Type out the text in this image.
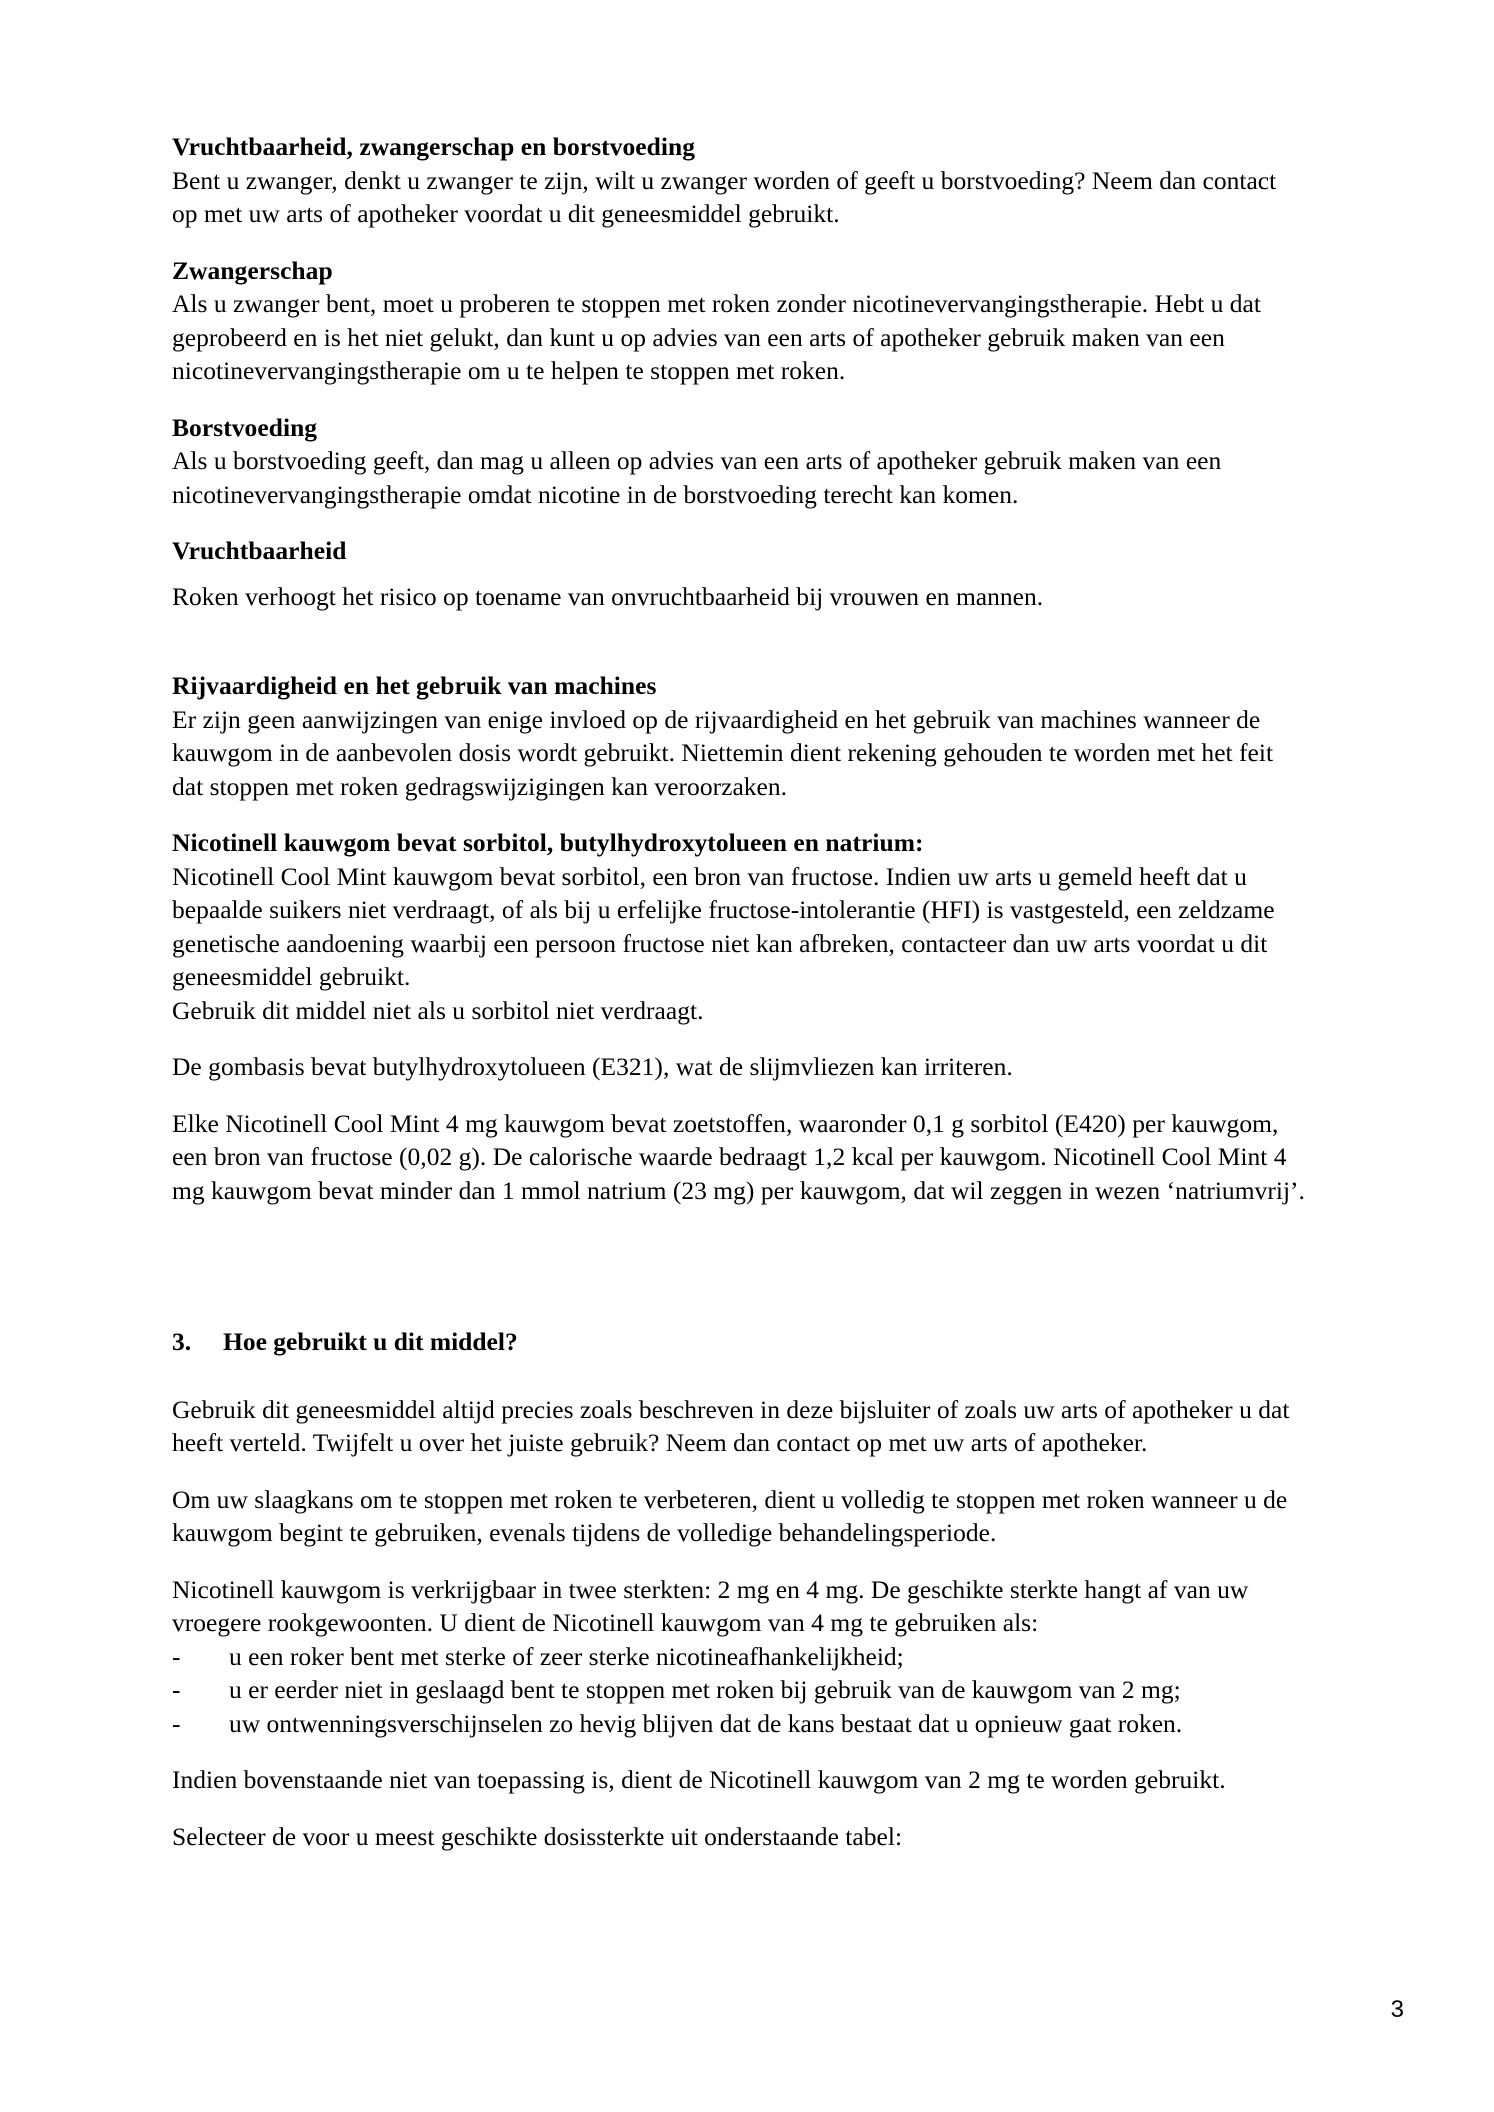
Vruchtbaarheid, zwangerschap en borstvoeding

Bent u zwanger, denkt u zwanger te zijn, wilt u zwanger worden of geeft u borstvoeding? Neem dan contact op met uw arts of apotheker voordat u dit geneesmiddel gebruikt.

Zwangerschap

Als u zwanger bent, moet u proberen te stoppen met roken zonder nicotinevervangingstherapie. Hebt u dat geprobeerd en is het niet gelukt, dan kunt u op advies van een arts of apotheker gebruik maken van een nicotinevervangingstherapie om u te helpen te stoppen met roken.

Borstvoeding

Als u borstvoeding geeft, dan mag u alleen op advies van een arts of apotheker gebruik maken van een nicotinevervangingstherapie omdat nicotine in de borstvoeding terecht kan komen.

Vruchtbaarheid

Roken verhoogt het risico op toename van onvruchtbaarheid bij vrouwen en mannen.

Rijvaardigheid en het gebruik van machines

Er zijn geen aanwijzingen van enige invloed op de rijvaardigheid en het gebruik van machines wanneer de kauwgom in de aanbevolen dosis wordt gebruikt. Niettemin dient rekening gehouden te worden met het feit dat stoppen met roken gedragswijzigingen kan veroorzaken.

Nicotinell kauwgom bevat sorbitol, butylhydroxytolueen en natrium:

Nicotinell Cool Mint kauwgom bevat sorbitol, een bron van fructose. Indien uw arts u gemeld heeft dat u bepaalde suikers niet verdraagt, of als bij u erfelijke fructose-intolerantie (HFI) is vastgesteld, een zeldzame genetische aandoening waarbij een persoon fructose niet kan afbreken, contacteer dan uw arts voordat u dit geneesmiddel gebruikt.

Gebruik dit middel niet als u sorbitol niet verdraagt.

De gombasis bevat butylhydroxytolueen (E321), wat de slijmvliezen kan irriteren.

Elke Nicotinell Cool Mint 4 mg kauwgom bevat zoetstoffen, waaronder 0,1 g sorbitol (E420) per kauwgom, een bron van fructose (0,02 g). De calorische waarde bedraagt 1,2 kcal per kauwgom. Nicotinell Cool Mint 4 mg kauwgom bevat minder dan 1 mmol natrium (23 mg) per kauwgom, dat wil zeggen in wezen ‘natriumvrij’.

3.	Hoe gebruikt u dit middel?

Gebruik dit geneesmiddel altijd precies zoals beschreven in deze bijsluiter of zoals uw arts of apotheker u dat heeft verteld. Twijfelt u over het juiste gebruik? Neem dan contact op met uw arts of apotheker.

Om uw slaagkans om te stoppen met roken te verbeteren, dient u volledig te stoppen met roken wanneer u de kauwgom begint te gebruiken, evenals tijdens de volledige behandelingsperiode.

Nicotinell kauwgom is verkrijgbaar in twee sterkten: 2 mg en 4 mg. De geschikte sterkte hangt af van uw vroegere rookgewoonten. U dient de Nicotinell kauwgom van 4 mg te gebruiken als:

-	u een roker bent met sterke of zeer sterke nicotineafhankelijkheid;
-	u er eerder niet in geslaagd bent te stoppen met roken bij gebruik van de kauwgom van 2 mg;
-	uw ontwenningsverschijnselen zo hevig blijven dat de kans bestaat dat u opnieuw gaat roken.

Indien bovenstaande niet van toepassing is, dient de Nicotinell kauwgom van 2 mg te worden gebruikt.

Selecteer de voor u meest geschikte dosissterkte uit onderstaande tabel:

3
